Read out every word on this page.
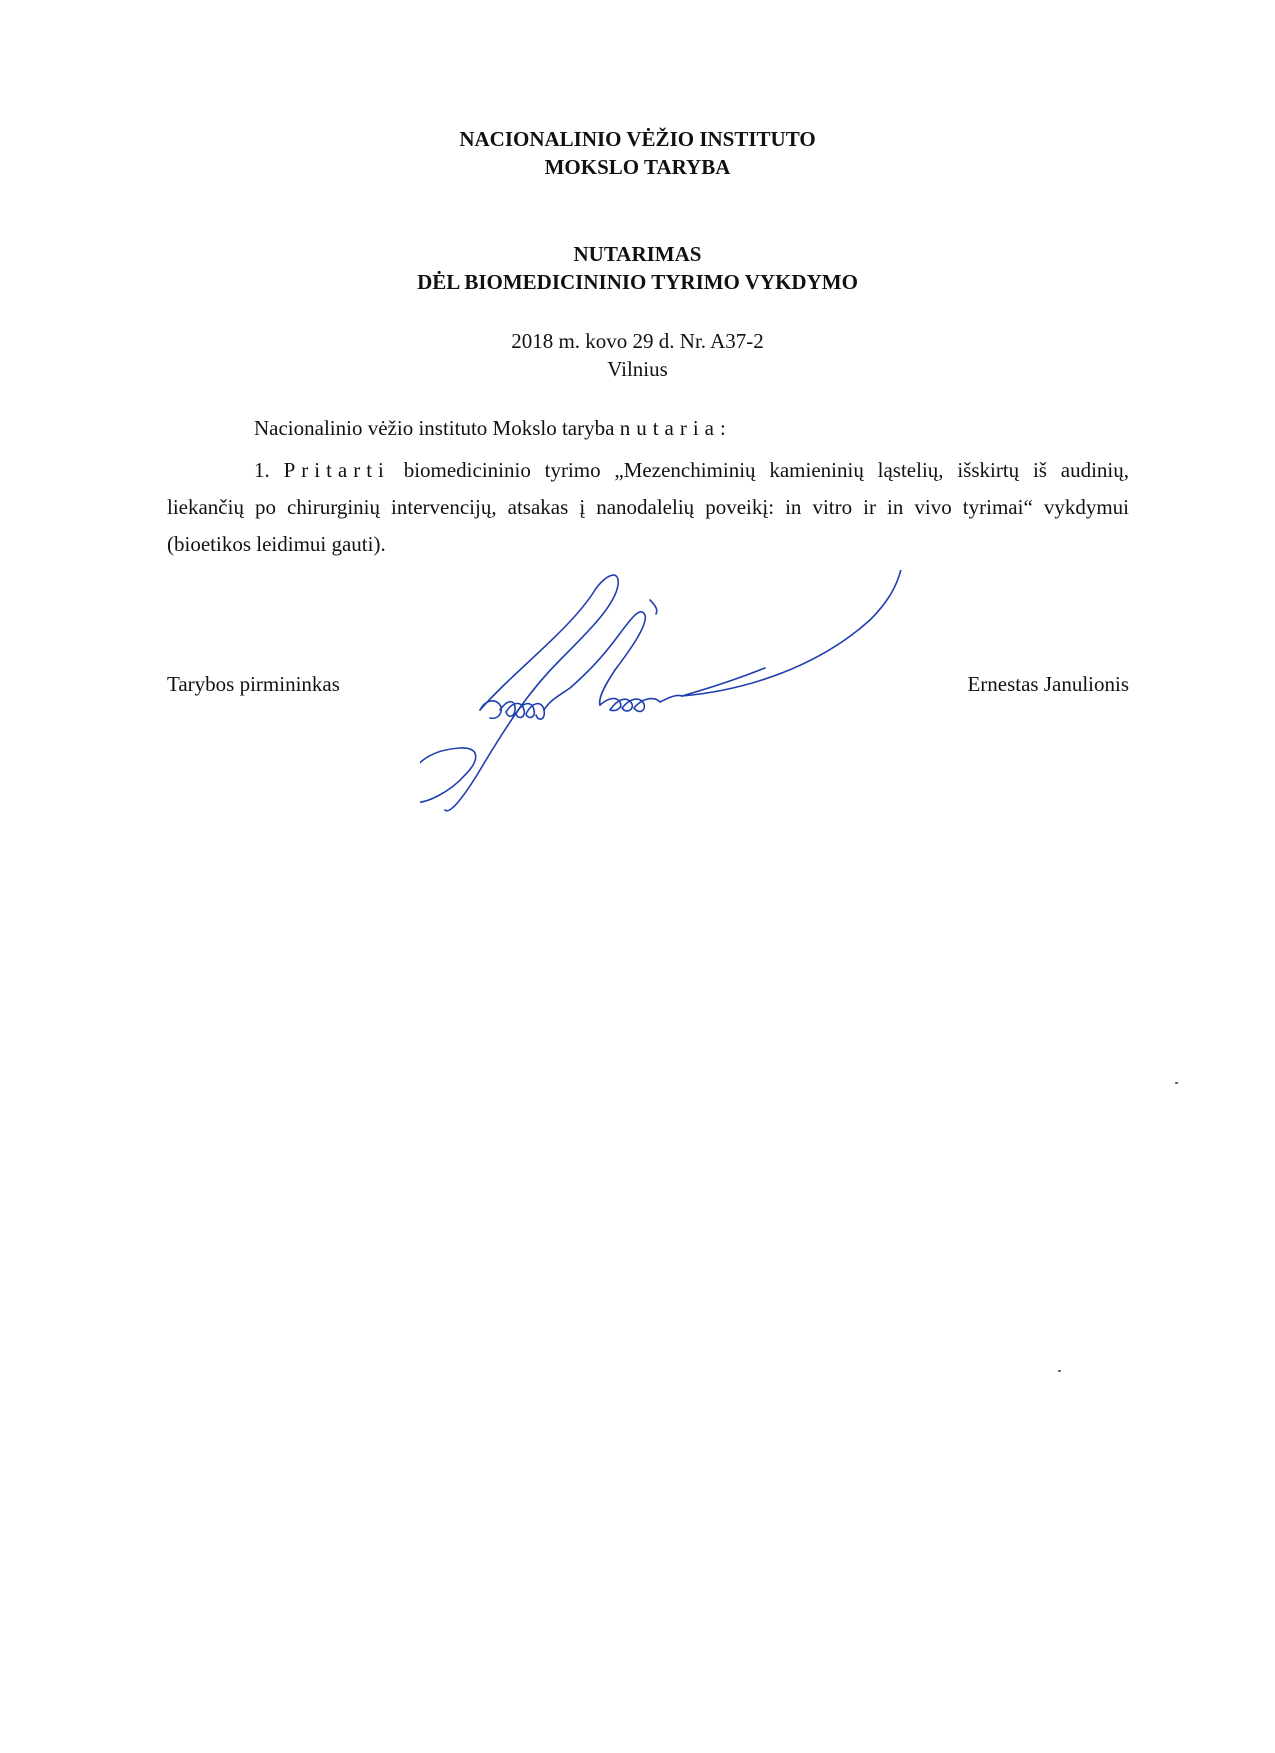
NACIONALINIO VĖŽIO INSTITUTO
MOKSLO TARYBA
NUTARIMAS
DĖL BIOMEDICININIO TYRIMO VYKDYMO
2018 m. kovo 29 d. Nr. A37-2
Vilnius
Nacionalinio vėžio instituto Mokslo taryba nutaria:

1. Pritarti biomedicininio tyrimo „Mezenchiminių kamieninių ląstelių, išskirtų iš audinių, liekančių po chirurginių intervencijų, atsakas į nanodalelių poveikį: in vitro ir in vivo tyrimai“ vykdymui (bioetikos leidimui gauti).

Tarybos pirmininkas	Ernestas Janulionis
